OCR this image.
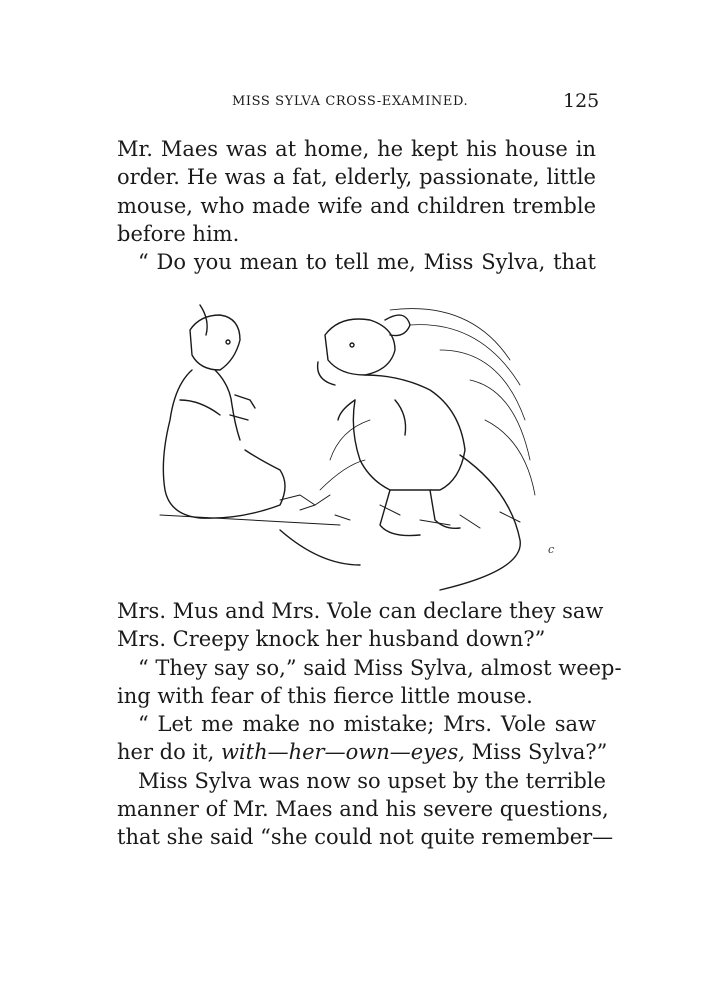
MISS SYLVA CROSS-EXAMINED.	125
Mr. Maes was at home, he kept his house in
order. He was a fat, elderly, passionate, little
mouse, who made wife and children tremble
before him.
“ Do you mean to tell me, Miss Sylva, that
c
Mrs. Mus and Mrs. Vole can declare they saw
Mrs. Creepy knock her husband down?”
“ They say so,” said Miss Sylva, almost weep-
ing with fear of this fierce little mouse.
“ Let me make no mistake; Mrs. Vole saw
her do it, with—her—own—eyes, Miss Sylva?”
Miss Sylva was now so upset by the terrible
manner of Mr. Maes and his severe questions,
that she said “she could not quite remember—
